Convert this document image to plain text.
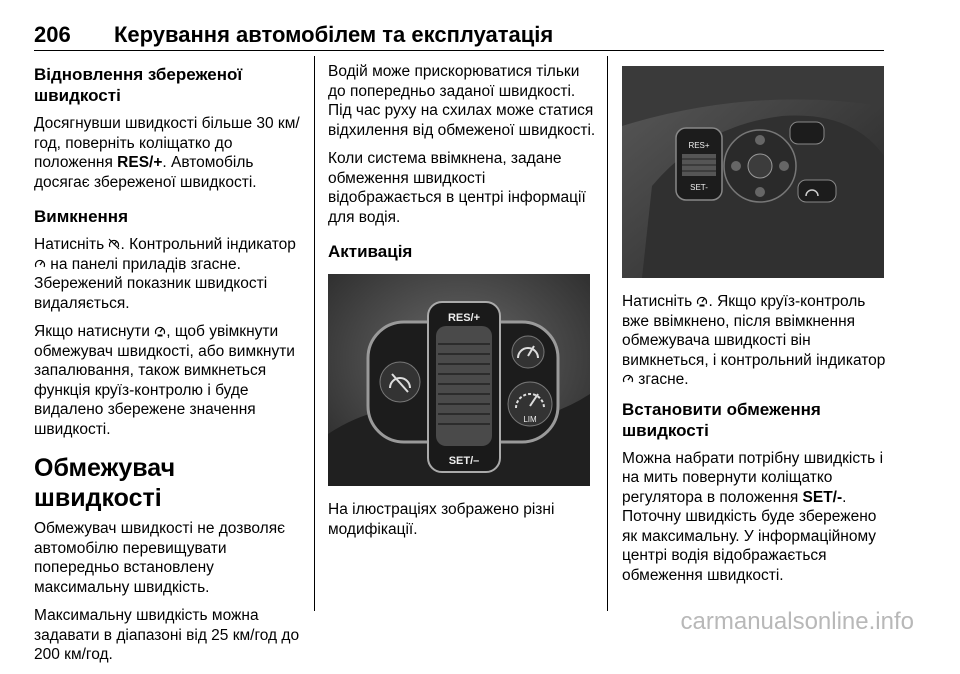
206 Керування автомобілем та експлуатація
Відновлення збереженої швидкості

Досягнувши швидкості більше 30 км/год, поверніть коліщатко до положення RES/+. Автомобіль досягає збереженої швидкості.

Вимкнення

Натисніть . Контрольний індикатор  на панелі приладів згасне. Збережений показник швидкості видаляється.

Якщо натиснути , щоб увімкнути обмежувач швидкості, або вимкнути запалювання, також вимкнеться функція круїз-контролю і буде видалено збережене значення швидкості.

Обмежувач швидкості

Обмежувач швидкості не дозволяє автомобілю перевищувати попередньо встановлену максимальну швидкість.

Максимальну швидкість можна задавати в діапазоні від 25 км/год до 200 км/год.

Водій може прискорюватися тільки до попередньо заданої швидкості. Під час руху на схилах може статися відхилення від обмеженої швидкості.

Коли система ввімкнена, задане обмеження швидкості відображається в центрі інформації для водія.

Активація
RES/+
SET/–
LIM

На ілюстраціях зображено різні модифікації.

RES+
SET-

Натисніть . Якщо круїз-контроль вже ввімкнено, після ввімкнення обмежувача швидкості він вимкнеться, і контрольний індикатор  згасне.

Встановити обмеження швидкості

Можна набрати потрібну швидкість і на мить повернути коліщатко регулятора в положення SET/-. Поточну швидкість буде збережено як максимальну. У інформаційному центрі водія відображається обмеження швидкості.

carmanualsonline.info
